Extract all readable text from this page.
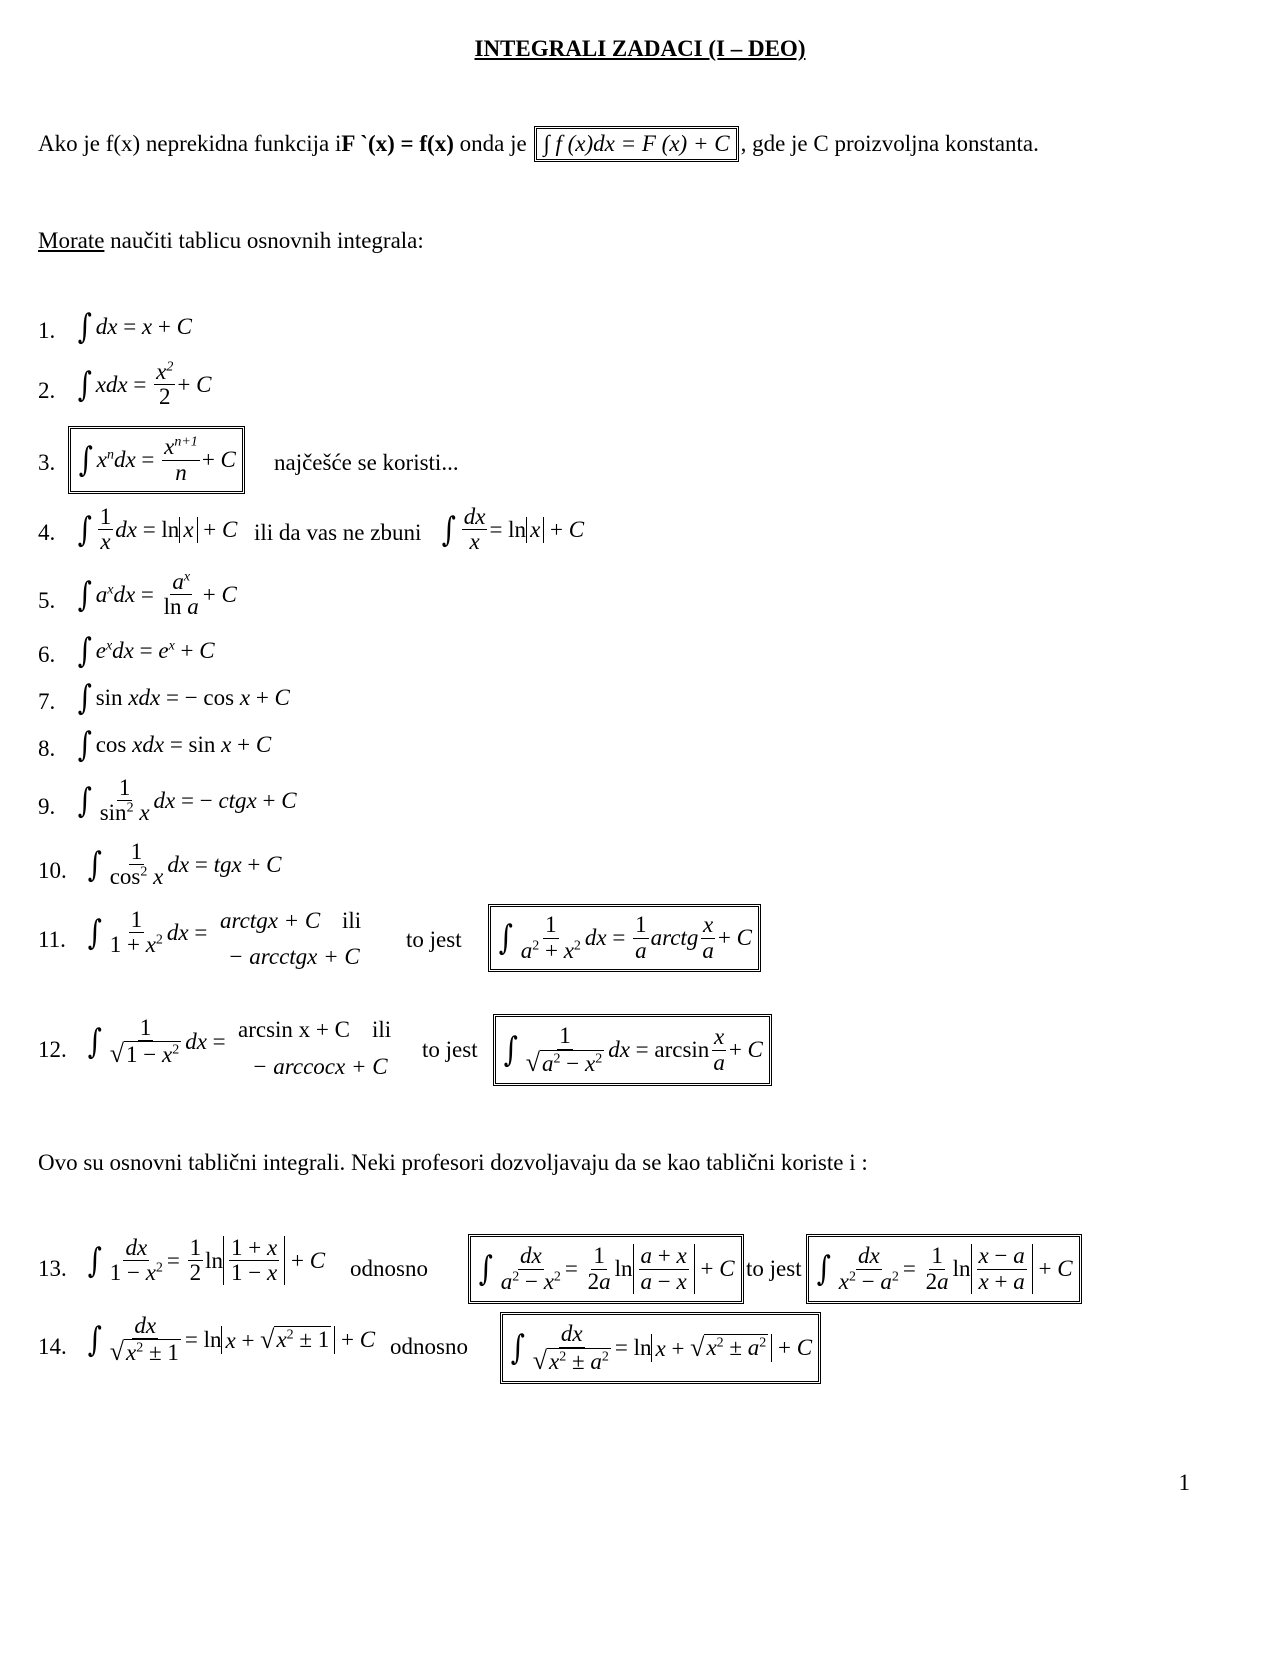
INTEGRALI ZADACI (I – DEO)
Ako je f(x) neprekidna funkcija i F `(x) = f(x) onda je ∫ f (x)dx = F (x) + C , gde je C proizvoljna konstanta.
Morate naučiti tablicu osnovnih integrala:
1. ∫ dx = x + C
2. ∫ xdx =
$x^2$
2 + C
3. ∫ $x^ndx$ =
$x^{n+1}$
n + C najčešće se koristi...
4. ∫ 1
x dx = ln x + C ili da vas ne zbuni ∫ dx
x = ln x + C
5. ∫ $a^xdx$ =
$a^x$
ln a + C
6. ∫ $e^xdx = e^x + C$
7. ∫ sin xdx = − cos x + C
8. ∫ cos xdx = sin x + C
9. ∫ 1
$\sin^2 x$ dx = − ctgx + C
10. ∫ 1
$\cos^2 x$ dx = tgx + C
11. ∫ 1
$1 + x^2$ dx = arctgx + C ili
− arcctgx + C
to jest ∫ 1
$a^2 + x^2$ dx =
1
a arctg
x
a + C
12. ∫ 1
$√1 - x^2$ dx = arcsin x + C ili
− arccocx + C
to jest ∫ 1
$√a^2 - x^2$ dx = arcsin
x
a + C
Ovo su osnovni tablični integrali. Neki profesori dozvoljavaju da se kao tablični koriste i :
13. ∫ dx
$1 - x^2$ =
1
2 $\ln \frac{1 + x}{1 - x} + C$ odnosno ∫ dx
$a^2 - x^2$ =
1
2a $\ln \frac{a + x}{a - x} + C$ to jest ∫ dx
$x^2 - a^2$ =
1
2a $\ln \frac{x - a}{x + a} + C$
14. ∫ dx
$√x^2 \pm 1$
= ln x + √ $x^2 \pm 1 + C$ odnosno ∫ dx
$√x^2 \pm a^2 = \ln x$ + √ $x^2 \pm a^2 + C$
1
